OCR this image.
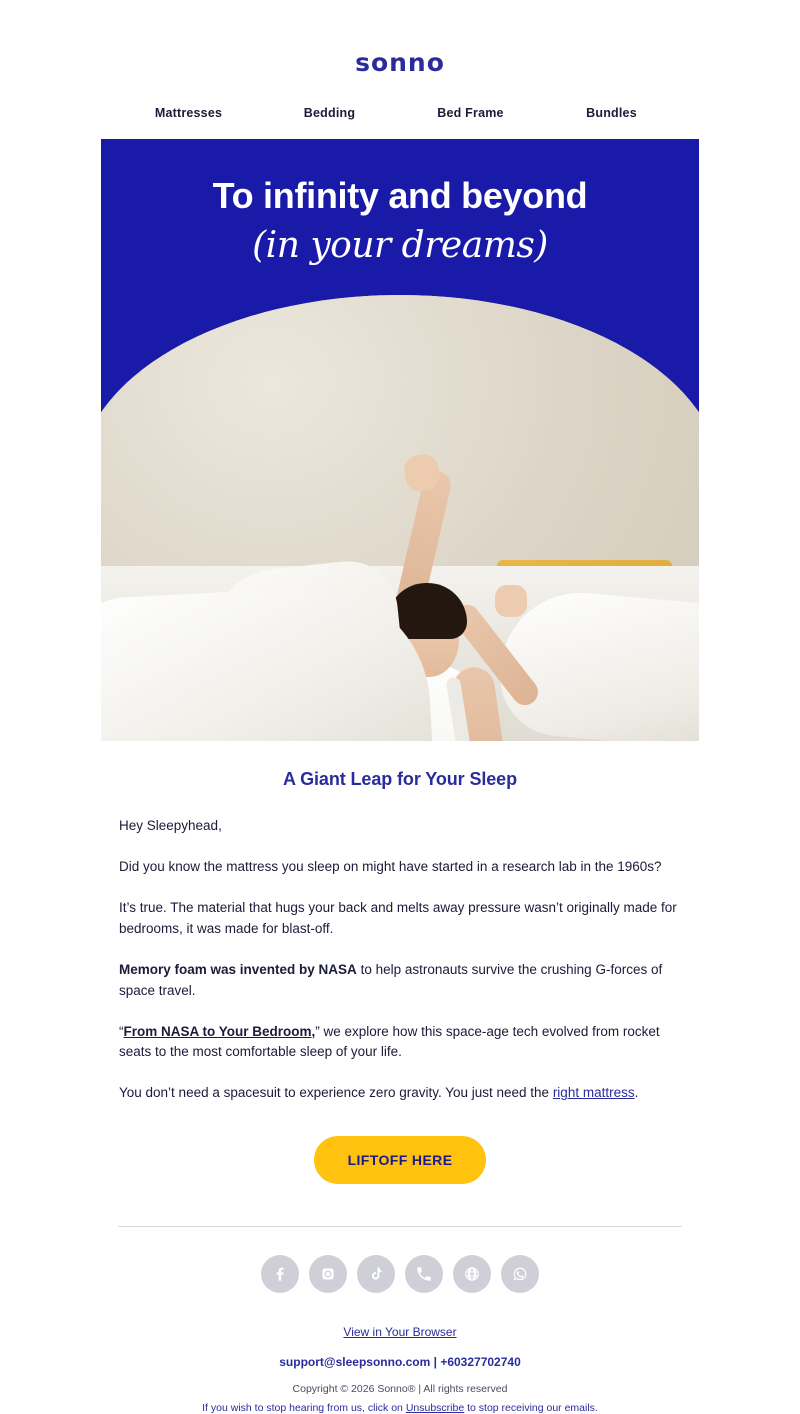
sonno
Mattresses	Bedding	Bed Frame	Bundles
To infinity and beyond
(in your dreams)
A Giant Leap for Your Sleep

Hey Sleepyhead,

Did you know the mattress you sleep on might have started in a research lab in the 1960s?

It’s true. The material that hugs your back and melts away pressure wasn’t originally made for bedrooms, it was made for blast-off.

Memory foam was invented by NASA to help astronauts survive the crushing G-forces of space travel.

“From NASA to Your Bedroom,” we explore how this space-age tech evolved from rocket seats to the most comfortable sleep of your life.

You don’t need a spacesuit to experience zero gravity. You just need the right mattress.

LIFTOFF HERE
View in Your Browser
support@sleepsonno.com | +60327702740
Copyright © 2026 Sonno® | All rights reserved
If you wish to stop hearing from us, click on Unsubscribe to stop receiving our emails.
